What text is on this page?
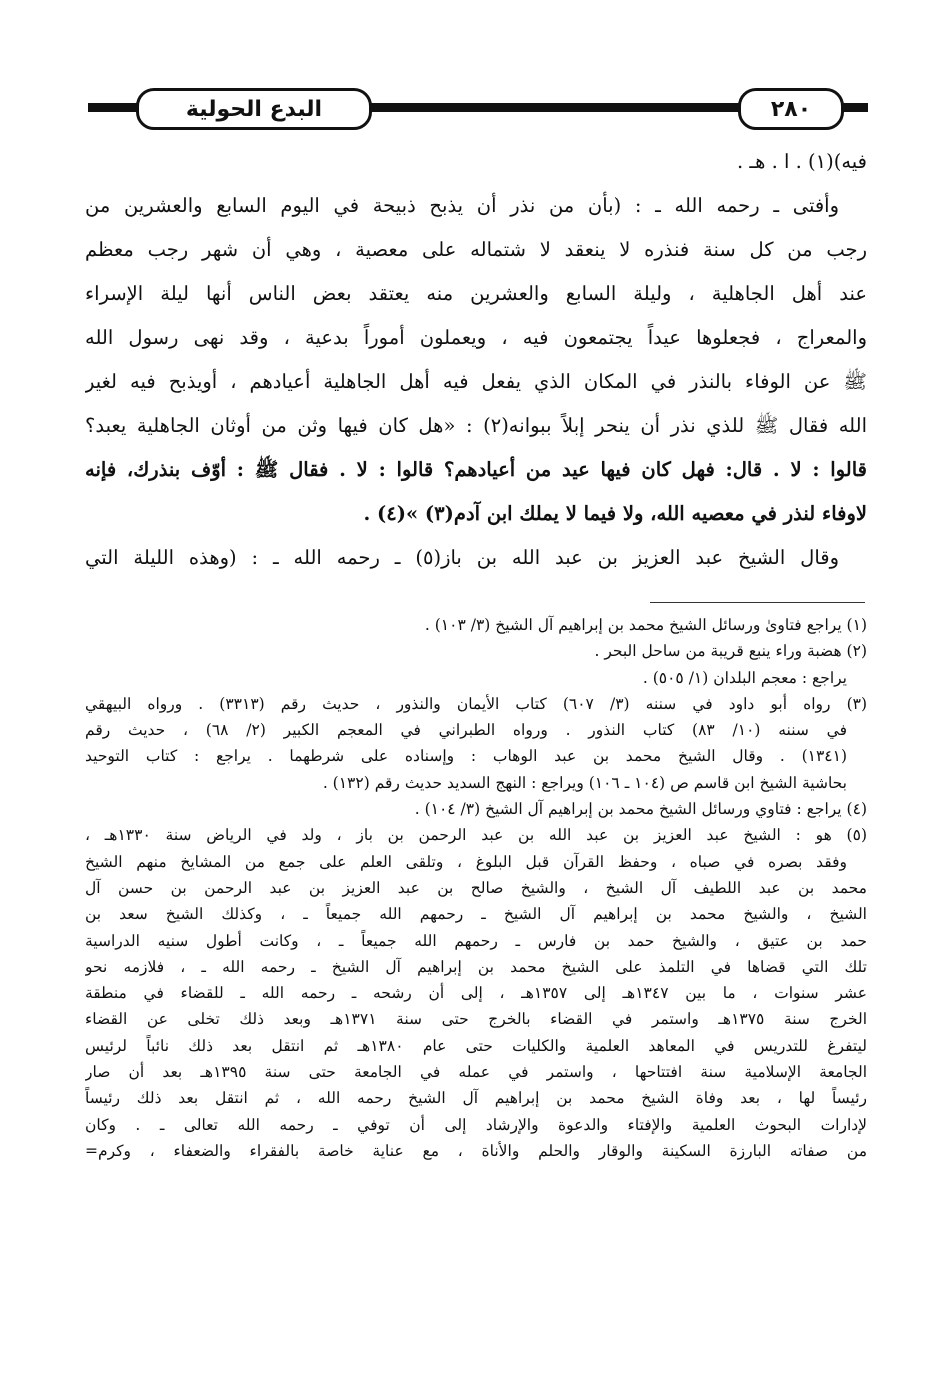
البدع الحولية	٢٨٠
فيه)(١) . ا . هـ .
وأفتى ـ رحمه الله ـ : (بأن من نذر أن يذبح ذبيحة في اليوم السابع والعشرين من
رجب من كل سنة فنذره لا ينعقد لا شتماله على معصية ، وهي أن شهر رجب معظم
عند أهل الجاهلية ، وليلة السابع والعشرين منه يعتقد بعض الناس أنها ليلة الإسراء
والمعراج ، فجعلوها عيداً يجتمعون فيه ، ويعملون أموراً بدعية ، وقد نهى رسول الله
ﷺ عن الوفاء بالنذر في المكان الذي يفعل فيه أهل الجاهلية أعيادهم ، أويذبح فيه لغير
الله فقال ﷺ للذي نذر أن ينحر إبلاً ببوانه(٢) : «هل كان فيها وثن من أوثان الجاهلية يعبد؟
قالوا : لا . قال: فهل كان فيها عيد من أعيادهم؟ قالوا : لا . فقال ﷺ : أوّف بنذرك، فإنه
لاوفاء لنذر في معصيه الله، ولا فيما لا يملك ابن آدم(٣) »(٤) .
وقال الشيخ عبد العزيز بن عبد الله بن باز(٥) ـ رحمه الله ـ : (وهذه الليلة التي
(١) يراجع فتاوىٰ ورسائل الشيخ محمد بن إبراهيم آل الشيخ (٣/ ١٠٣) .
(٢) هضبة وراء ينبع قريبة من ساحل البحر .
يراجع : معجم البلدان (١/ ٥٠٥) .
(٣) رواه أبو داود في سننه (٣/ ٦٠٧) كتاب الأيمان والنذور ، حديث رقم (٣٣١٣) . ورواه البيهقي
في سننه (١٠/ ٨٣) كتاب النذور . ورواه الطبراني في المعجم الكبير (٢/ ٦٨) ، حديث رقم
(١٣٤١) . وقال الشيخ محمد بن عبد الوهاب : وإسناده على شرطهما . يراجع : كتاب التوحيد
بحاشية الشيخ ابن قاسم ص (١٠٤ ـ ١٠٦) ويراجع : النهج السديد حديث رقم (١٣٢) .
(٤) يراجع : فتاوي ورسائل الشيخ محمد بن إبراهيم آل الشيخ (٣/ ١٠٤) .
(٥) هو : الشيخ عبد العزيز بن عبد الله بن عبد الرحمن بن باز ، ولد في الرياض سنة ١٣٣٠هـ ،
وفقد بصره في صباه ، وحفظ القرآن قبل البلوغ ، وتلقى العلم على جمع من المشايخ منهم الشيخ
محمد بن عبد اللطيف آل الشيخ ، والشيخ صالح بن عبد العزيز بن عبد الرحمن بن حسن آل
الشيخ ، والشيخ محمد بن إبراهيم آل الشيخ ـ رحمهم الله جميعاً ـ ، وكذلك الشيخ سعد بن
حمد بن عتيق ، والشيخ حمد بن فارس ـ رحمهم الله جميعاً ـ ، وكانت أطول سنيه الدراسية
تلك التي قضاها في التلمذ على الشيخ محمد بن إبراهيم آل الشيخ ـ رحمه الله ـ ، فلازمه نحو
عشر سنوات ، ما بين ١٣٤٧هـ إلى ١٣٥٧هـ ، إلى أن رشحه ـ رحمه الله ـ للقضاء في منطقة
الخرج سنة ١٣٧٥هـ واستمر في القضاء بالخرج حتى سنة ١٣٧١هـ وبعد ذلك تخلى عن القضاء
ليتفرغ للتدريس في المعاهد العلمية والكليات حتى عام ١٣٨٠هـ ثم انتقل بعد ذلك نائباً لرئيس
الجامعة الإسلامية سنة افتتاحها ، واستمر في عمله في الجامعة حتى سنة ١٣٩٥هـ بعد أن صار
رئيساً لها ، بعد وفاة الشيخ محمد بن إبراهيم آل الشيخ رحمه الله ، ثم انتقل بعد ذلك رئيساً
لإدارات البحوث العلمية والإفتاء والدعوة والإرشاد إلى أن توفي ـ رحمه الله تعالى ـ . وكان
من صفاته البارزة السكينة والوقار والحلم والأناة ، مع عناية خاصة بالفقراء والضعفاء ، وكرم=
